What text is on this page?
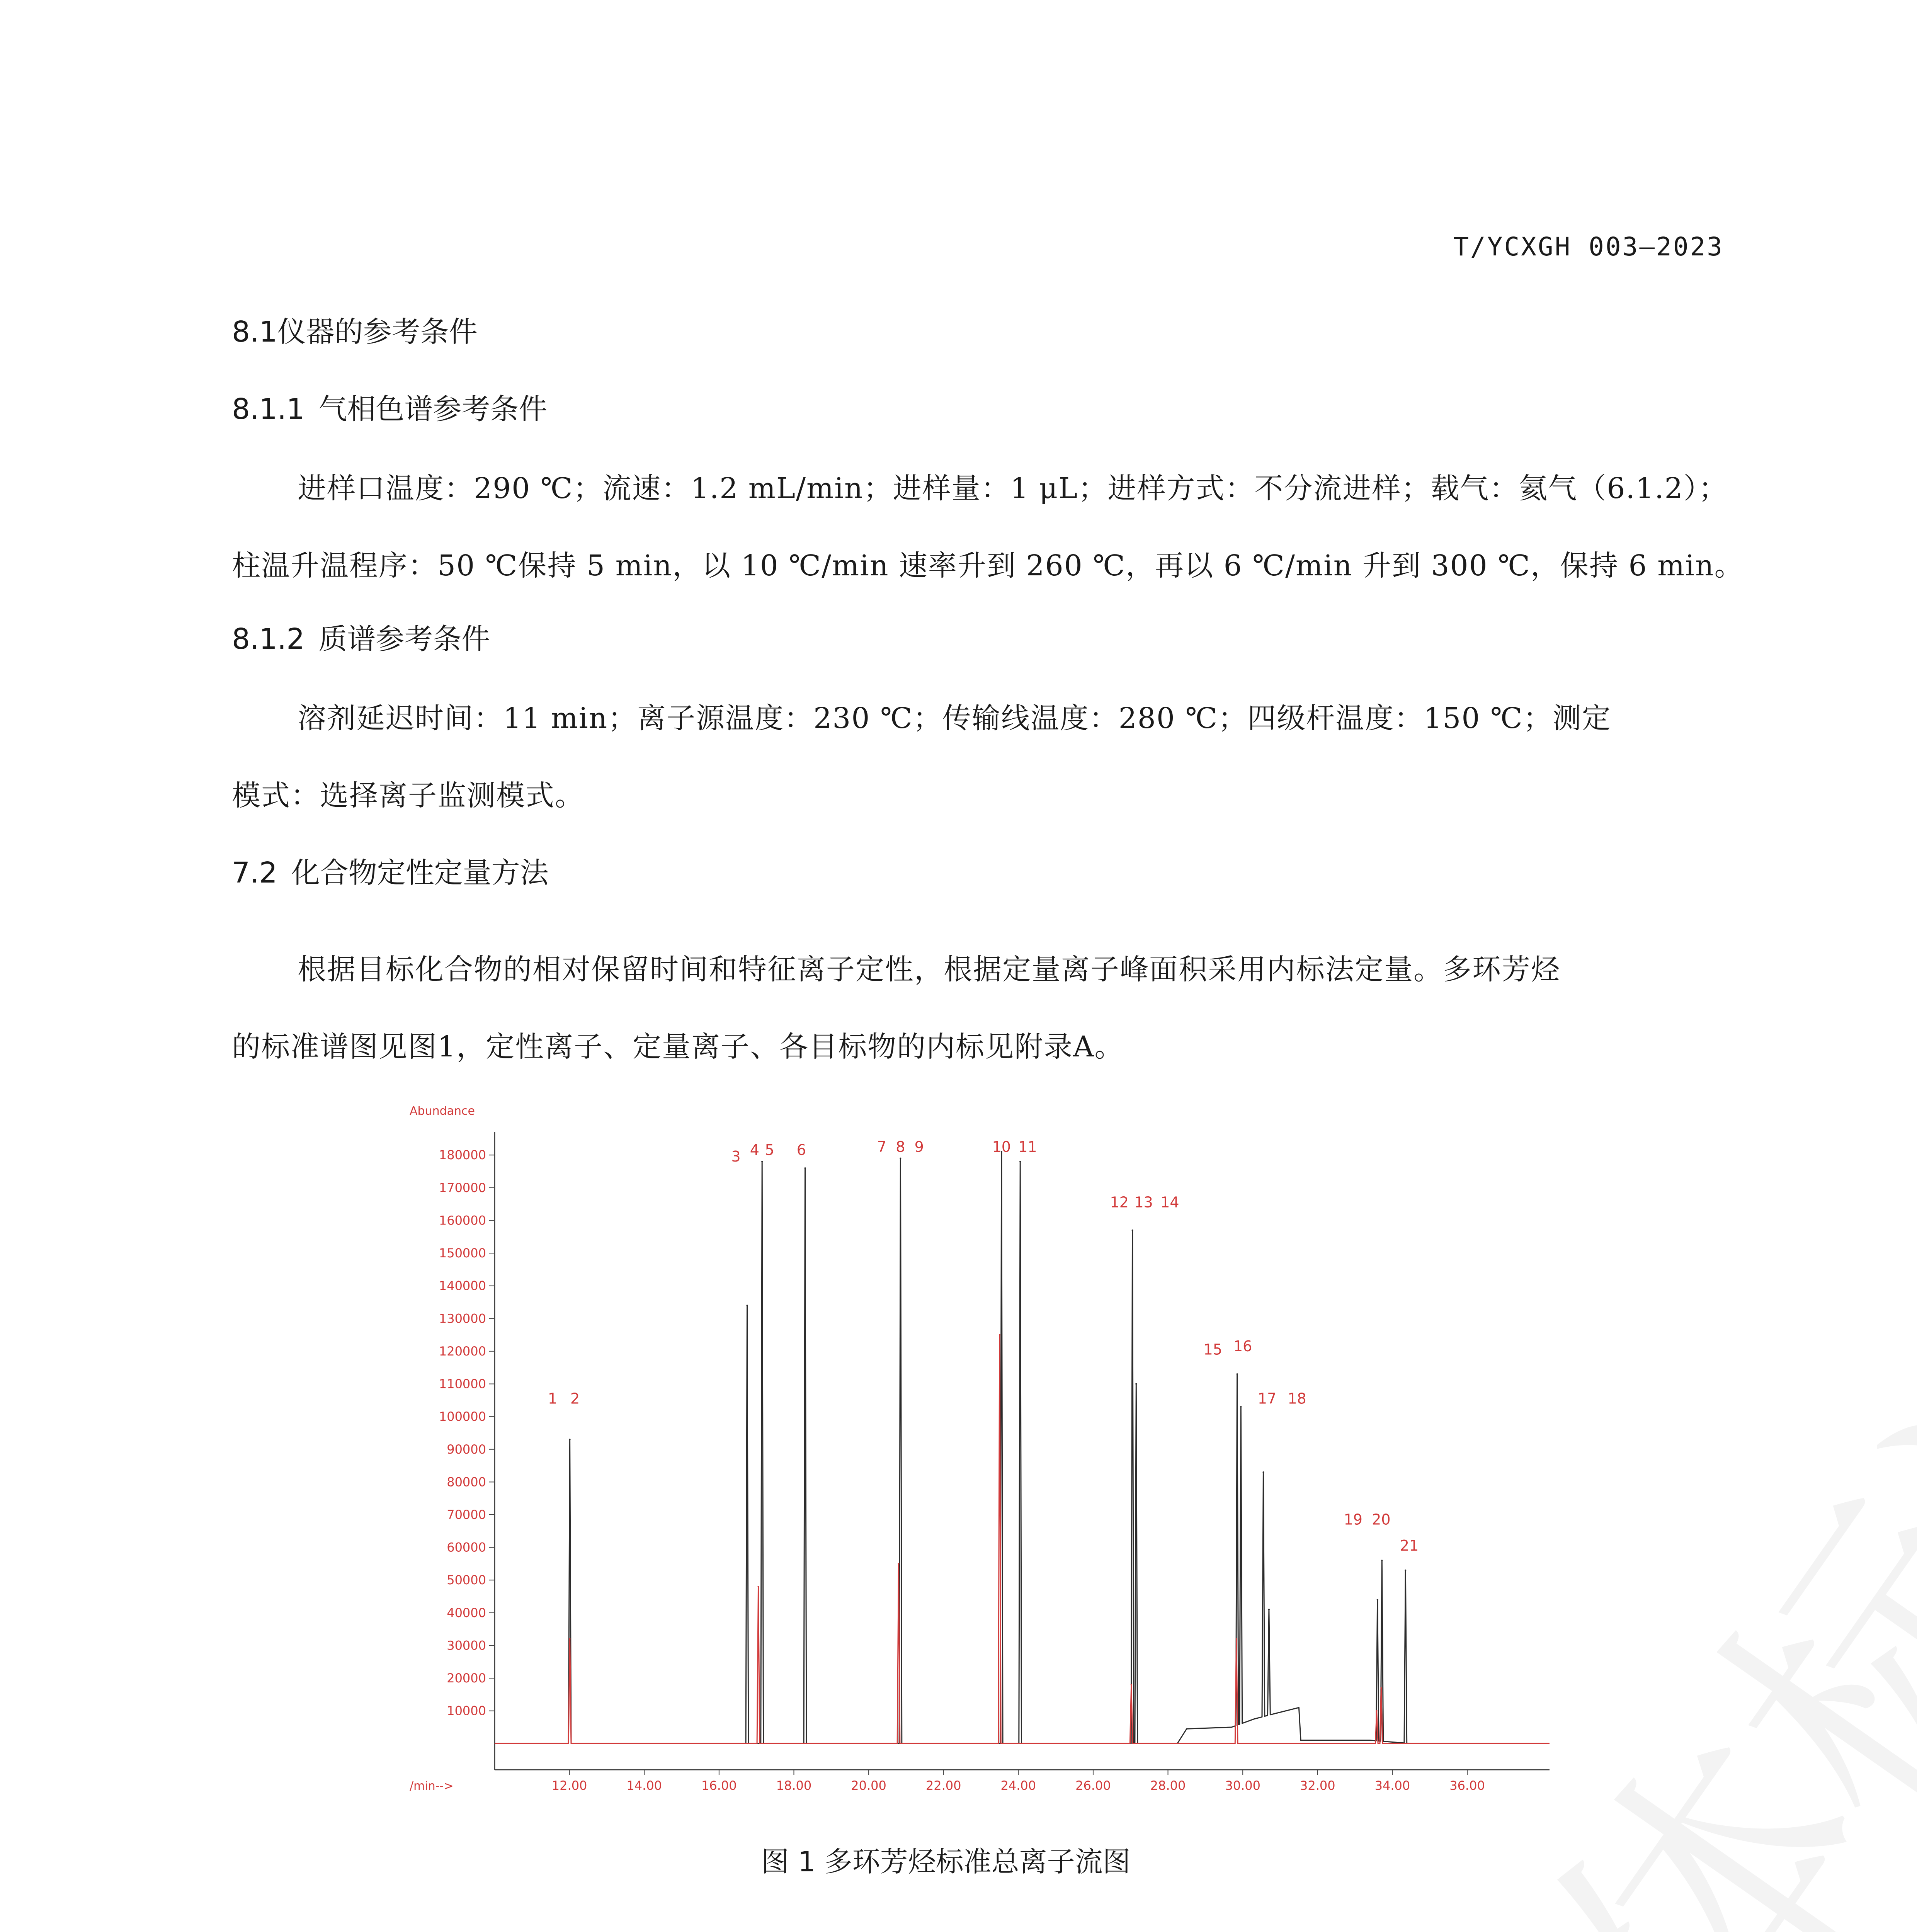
T/YCXGH 003—2023
8.1仪器的参考条件
8.1.1 气相色谱参考条件
进样口温度：290 ℃；流速：1.2 mL/min；进样量：1 μL；进样方式：不分流进样；载气：氦气（6.1.2）；
柱温升温程序：50 ℃保持 5 min，以 10 ℃/min 速率升到 260 ℃，再以 6 ℃/min 升到 300 ℃，保持 6 min。
8.1.2 质谱参考条件
溶剂延迟时间：11 min；离子源温度：230 ℃；传输线温度：280 ℃；四级杆温度：150 ℃；测定
模式：选择离子监测模式。
7.2 化合物定性定量方法
根据目标化合物的相对保留时间和特征离子定性，根据定量离子峰面积采用内标法定量。多环芳烃
的标准谱图见图1，定性离子、定量离子、各目标物的内标见附录A。
Abundance
/min-->
10000
20000
30000
40000
50000
60000
70000
80000
90000
100000
110000
120000
130000
140000
150000
160000
170000
180000
12.00	14.00	16.00	18.00	20.00	22.00	24.00	26.00	28.00	30.00	32.00	34.00	36.00
1 2
3 4 5 6	7 8 9	10 11
12 13 14
15 16
17 18
19 20
21
图 1 多环芳烃标准总离子流图
